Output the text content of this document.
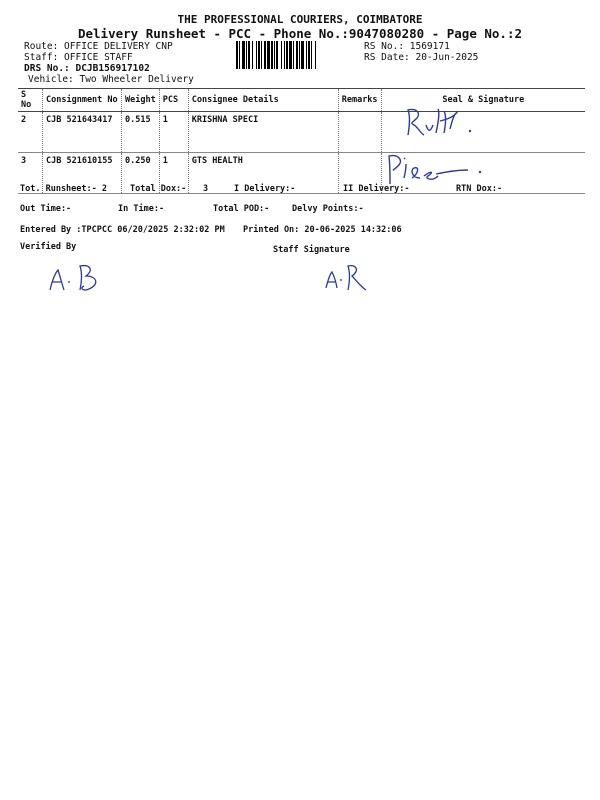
THE PROFESSIONAL COURIERS, COIMBATORE
Delivery Runsheet - PCC - Phone No.:9047080280 - Page No.:2
Route: OFFICE DELIVERY CNP
Staff: OFFICE STAFF
DRS No.: DCJB156917102
Vehicle: Two Wheeler Delivery
RS No.: 1569171
RS Date: 20-Jun-2025
S No	Consignment No	Weight	PCS	Consignee Details	Remarks	Seal & Signature
2	CJB 521643417	0.515	1	KRISHNA SPECI		
3	CJB 521610155	0.250	1	GTS HEALTH		
Tot. Runsheet:- 2	Total Dox:- 3	I Delivery:-	II Delivery:-	RTN Dox:-
Out Time:-	In Time:-	Total POD:-	Delvy Points:-
Entered By :TPCPCC 06/20/2025 2:32:02 PM Printed On: 20-06-2025 14:32:06
Verified By	Staff Signature
